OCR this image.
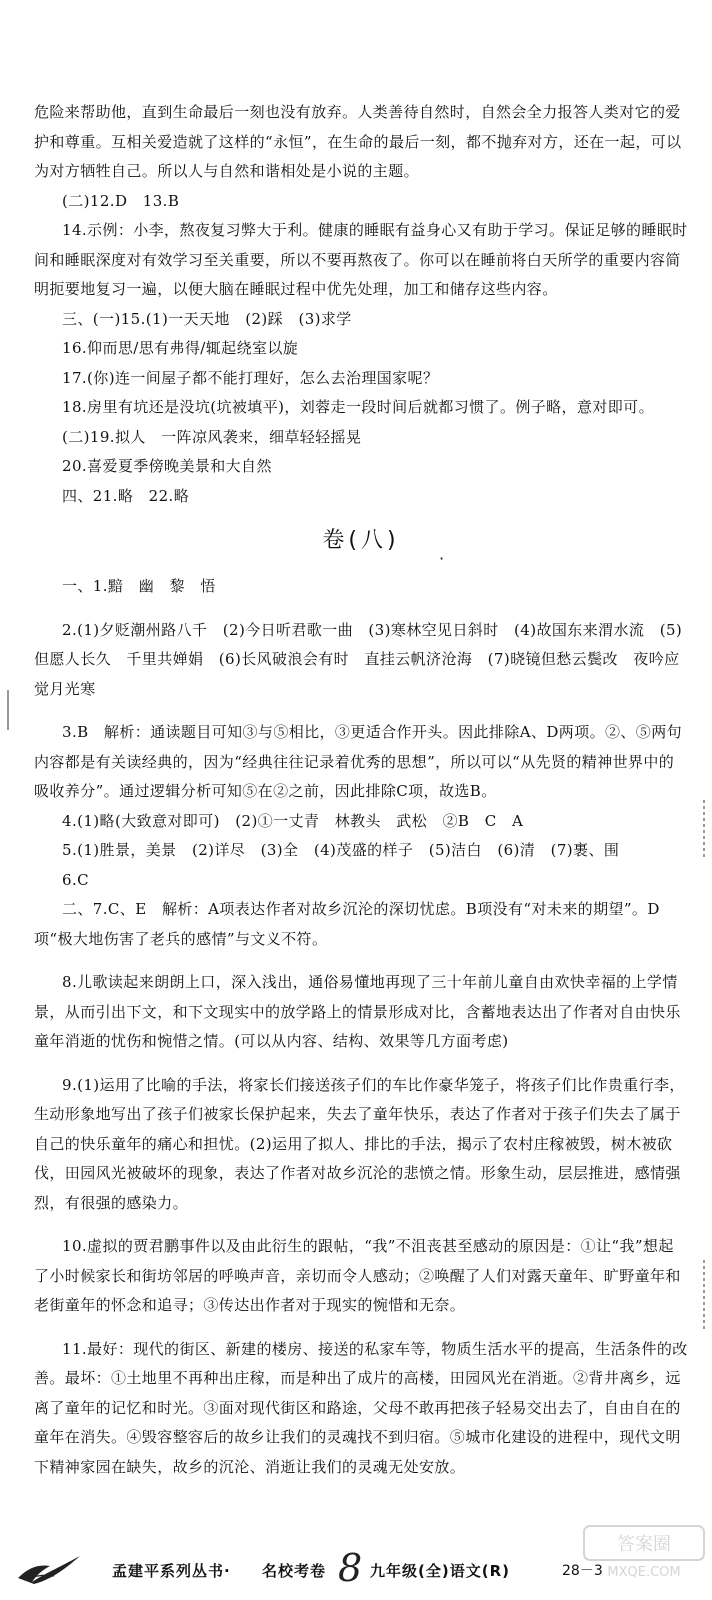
危险来帮助他，直到生命最后一刻也没有放弃。人类善待自然时，自然会全力报答人类对它的爱护和尊重。互相关爱造就了这样的“永恒”，在生命的最后一刻，都不抛弃对方，还在一起，可以为对方牺牲自己。所以人与自然和谐相处是小说的主题。

(二)12.D　13.B

14.示例：小李，熬夜复习弊大于利。健康的睡眠有益身心又有助于学习。保证足够的睡眠时间和睡眠深度对有效学习至关重要，所以不要再熬夜了。你可以在睡前将白天所学的重要内容简明扼要地复习一遍，以便大脑在睡眠过程中优先处理，加工和储存这些内容。

三、(一)15.(1)一天天地　(2)踩　(3)求学

16.仰而思/思有弗得/辄起绕室以旋

17.(你)连一间屋子都不能打理好，怎么去治理国家呢？

18.房里有坑还是没坑(坑被填平)，刘蓉走一段时间后就都习惯了。例子略，意对即可。

(二)19.拟人　一阵凉风袭来，细草轻轻摇晃

20.喜爱夏季傍晚美景和大自然

四、21.略　22.略

卷(八)
·

一、1.黯　幽　黎　悟

2.(1)夕贬潮州路八千　(2)今日听君歌一曲　(3)寒林空见日斜时　(4)故国东来渭水流　(5)但愿人长久　千里共婵娟　(6)长风破浪会有时　直挂云帆济沧海　(7)晓镜但愁云鬓改　夜吟应觉月光寒

3.B　解析：通读题目可知③与⑤相比，③更适合作开头。因此排除A、D两项。②、⑤两句内容都是有关读经典的，因为“经典往往记录着优秀的思想”，所以可以“从先贤的精神世界中的吸收养分”。通过逻辑分析可知⑤在②之前，因此排除C项，故选B。

4.(1)略(大致意对即可)　(2)①一丈青　林教头　武松　②B　C　A

5.(1)胜景，美景　(2)详尽　(3)全　(4)茂盛的样子　(5)洁白　(6)清　(7)裹、围

6.C

二、7.C、E　解析：A项表达作者对故乡沉沦的深切忧虑。B项没有“对未来的期望”。D项“极大地伤害了老兵的感情”与文义不符。

8.儿歌读起来朗朗上口，深入浅出，通俗易懂地再现了三十年前儿童自由欢快幸福的上学情景，从而引出下文，和下文现实中的放学路上的情景形成对比，含蓄地表达出了作者对自由快乐童年消逝的忧伤和惋惜之情。(可以从内容、结构、效果等几方面考虑)

9.(1)运用了比喻的手法，将家长们接送孩子们的车比作豪华笼子，将孩子们比作贵重行李，生动形象地写出了孩子们被家长保护起来，失去了童年快乐，表达了作者对于孩子们失去了属于自己的快乐童年的痛心和担忧。(2)运用了拟人、排比的手法，揭示了农村庄稼被毁，树木被砍伐，田园风光被破坏的现象，表达了作者对故乡沉沦的悲愤之情。形象生动，层层推进，感情强烈，有很强的感染力。

10.虚拟的贾君鹏事件以及由此衍生的跟帖，“我”不沮丧甚至感动的原因是：①让“我”想起了小时候家长和街坊邻居的呼唤声音，亲切而令人感动；②唤醒了人们对露天童年、旷野童年和老街童年的怀念和追寻；③传达出作者对于现实的惋惜和无奈。

11.最好：现代的街区、新建的楼房、接送的私家车等，物质生活水平的提高，生活条件的改善。最坏：①土地里不再种出庄稼，而是种出了成片的高楼，田园风光在消逝。②背井离乡，远离了童年的记忆和时光。③面对现代街区和路途，父母不敢再把孩子轻易交出去了，自由自在的童年在消失。④毁容整容后的故乡让我们的灵魂找不到归宿。⑤城市化建设的进程中，现代文明下精神家园在缺失，故乡的沉沦、消逝让我们的灵魂无处安放。

孟建平系列丛书· 名校考卷 8 九年级(全)语文(R)	28－3
答案圈
MXQE.COM
